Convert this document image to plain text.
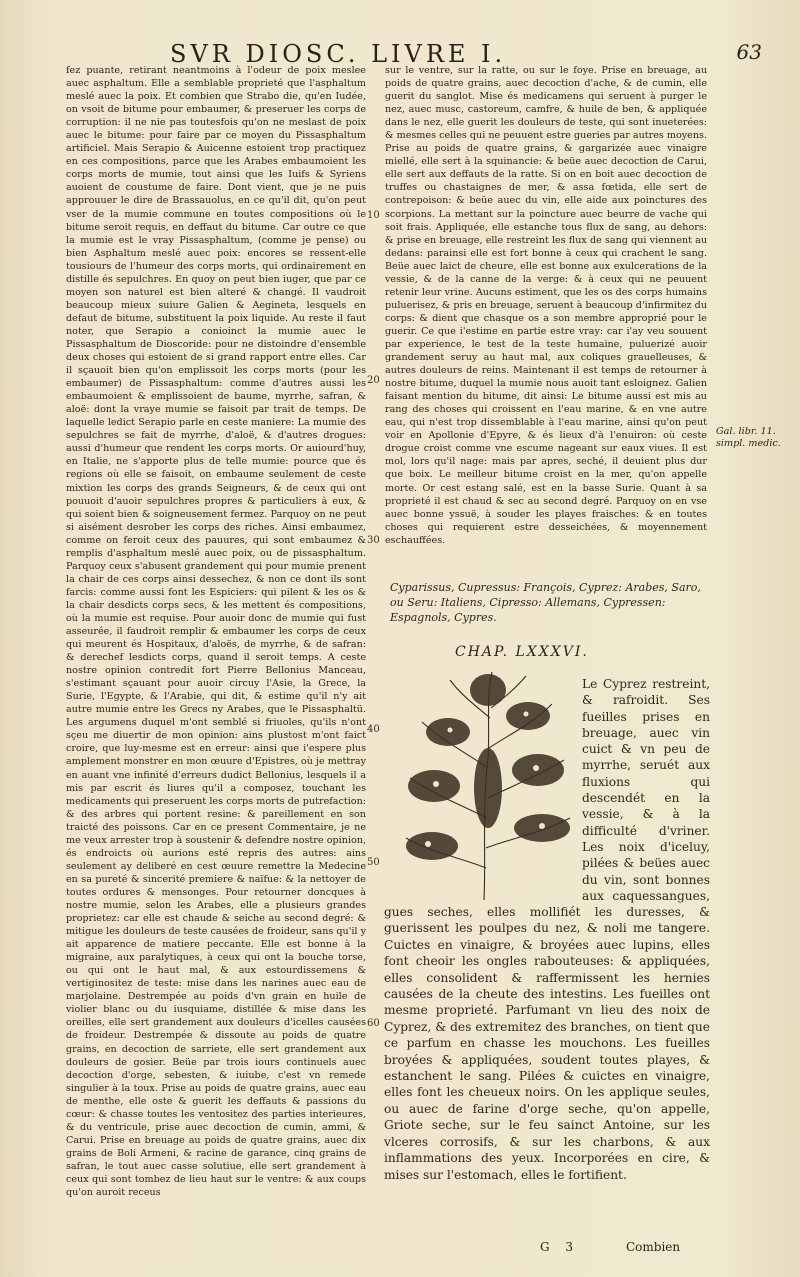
SVR DIOSC. LIVRE I.	63

fez puante, retirant neantmoins à l'odeur de poix meslee auec asphaltum. Elle a semblable proprieté que l'asphaltum meslé auec la poix. Et combien que Strabo die, qu'en Iudée, on vsoit de bitume pour embaumer, & preseruer les corps de corruption: il ne nie pas toutesfois qu'on ne meslast de poix auec le bitume: pour faire par ce moyen du Pissasphaltum artificiel. Mais Serapio & Auicenne estoient trop practiquez en ces compositions, parce que les Arabes embaumoient les corps morts de mumie, tout ainsi que les Iuifs & Syriens auoient de coustume de faire. Dont vient, que je ne puis approuuer le dire de Brassauolus, en ce qu'il dit, qu'on peut vser de la mumie commune en toutes compositions où le bitume seroit requis, en deffaut du bitume. Car outre ce que la mumie est le vray Pissasphaltum, (comme je pense) ou bien Asphaltum meslé auec poix: encores se ressent-elle tousiours de l'humeur des corps morts, qui ordinairement en distille és sepulchres. En quoy on peut bien iuger, que par ce moyen son naturel est bien alteré & changé. Il vaudroit beaucoup mieux suiure Galien & Aegineta, lesquels en defaut de bitume, substituent la poix liquide. Au reste il faut noter, que Serapio a conioinct la mumie auec le Pissasphaltum de Dioscoride: pour ne distoindre d'ensemble deux choses qui estoient de si grand rapport entre elles. Car il sçauoit bien qu'on emplissoit les corps morts (pour les embaumer) de Pissasphaltum: comme d'autres aussi les embaumoient & emplissoient de baume, myrrhe, safran, & aloë: dont la vraye mumie se faisoit par trait de temps. De laquelle ledict Serapio parle en ceste maniere: La mumie des sepulchres se fait de myrrhe, d'aloë, & d'autres drogues: aussi d'humeur que rendent les corps morts. Or auiourd'huy, en Italie, ne s'apporte plus de telle mumie: pource que és regions où elle se faisoit, on embaume seulement de ceste mixtion les corps des grands Seigneurs, & de ceux qui ont pouuoit d'auoir sepulchres propres & particuliers à eux, & qui soient bien & soigneusement fermez. Parquoy on ne peut si aisément desrober les corps des riches. Ainsi embaumez, comme on feroit ceux des pauures, qui sont embaumez & remplis d'asphaltum meslé auec poix, ou de pissasphaltum. Parquoy ceux s'abusent grandement qui pour mumie prenent la chair de ces corps ainsi dessechez, & non ce dont ils sont farcis: comme aussi font les Espiciers: qui pilent & les os & la chair desdicts corps secs, & les mettent és compositions, où la mumie est requise. Pour auoir donc de mumie qui fust asseurée, il faudroit remplir & embaumer les corps de ceux qui meurent és Hospitaux, d'aloës, de myrrhe, & de safran: & derechef lesdicts corps, quand il seroit temps. A ceste nostre opinion contredit fort Pierre Bellonius Manceau, s'estimant sçauant pour auoir circuy l'Asie, la Grece, la Surie, l'Egypte, & l'Arabie, qui dit, & estime qu'il n'y ait autre mumie entre les Grecs ny Arabes, que le Pissasphaltü. Les argumens duquel m'ont semblé si friuoles, qu'ils n'ont sçeu me diuertir de mon opinion: ains plustost m'ont faict croire, que luy-mesme est en erreur: ainsi que i'espere plus amplement monstrer en mon œuure d'Epistres, où je mettray en auant vne infinité d'erreurs dudict Bellonius, lesquels il a mis par escrit és liures qu'il a composez, touchant les medicaments qui preseruent les corps morts de putrefaction: & des arbres qui portent resine: & pareillement en son traicté des poissons. Car en ce present Commentaire, je ne me veux arrester trop à soustenir & defendre nostre opinion, és endroicts où aurions esté repris des autres: ains seulement ay deliberé en cest œuure remettre la Medecine en sa pureté & sincerité premiere & naïfue: & la nettoyer de toutes ordures & mensonges. Pour retourner doncques à nostre mumie, selon les Arabes, elle a plusieurs grandes proprietez: car elle est chaude & seiche au second degré: & mitigue les douleurs de teste causées de froideur, sans qu'il y ait apparence de matiere peccante. Elle est bonne à la migraine, aux paralytiques, à ceux qui ont la bouche torse, ou qui ont le haut mal, & aux estourdissemens & vertiginositez de teste: mise dans les narines auec eau de marjolaine. Destrempée au poids d'vn grain en huile de violier blanc ou du iusquiame, distillée & mise dans les oreilles, elle sert grandement aux douleurs d'icelles causées de froideur. Destrempée & dissoute au poids de quatre grains, en decoction de sarriete, elle sert grandement aux douleurs de gosier. Beüe par trois iours continuels auec decoction d'orge, sebesten, & iuiube, c'est vn remede singulier à la toux. Prise au poids de quatre grains, auec eau de menthe, elle oste & guerit les deffauts & passions du cœur: & chasse toutes les ventositez des parties interieures, & du ventricule, prise auec decoction de cumin, ammi, & Carui. Prise en breuage au poids de quatre grains, auec dix grains de Boli Armeni, & racine de garance, cinq grains de safran, le tout auec casse solutiue, elle sert grandement à ceux qui sont tombez de lieu haut sur le ventre: & aux coups qu'on auroit receus

10
20
30
40
50
60

sur le ventre, sur la ratte, ou sur le foye. Prise en breuage, au poids de quatre grains, auec decoction d'ache, & de cumin, elle guerit du sanglot. Mise és medicamens qui seruent à purger le nez, auec musc, castoreum, camfre, & huile de ben, & appliquée dans le nez, elle guerit les douleurs de teste, qui sont inueterées: & mesmes celles qui ne peuuent estre gueries par autres moyens. Prise au poids de quatre grains, & gargarizée auec vinaigre miellé, elle sert à la squinancie: & beüe auec decoction de Carui, elle sert aux deffauts de la ratte. Si on en boit auec decoction de truffes ou chastaignes de mer, & assa fœtida, elle sert de contrepoison: & beüe auec du vin, elle aide aux poinctures des scorpions. La mettant sur la poincture auec beurre de vache qui soit frais. Appliquée, elle estanche tous flux de sang, au dehors: & prise en breuage, elle restreint les flux de sang qui viennent au dedans: parainsi elle est fort bonne à ceux qui crachent le sang. Beüe auec laict de cheure, elle est bonne aux exulcerations de la vessie, & de la canne de la verge: & à ceux qui ne peuuent retenir leur vrine. Aucuns estiment, que les os des corps humains puluerisez, & pris en breuage, seruent à beaucoup d'infirmitez du corps: & dient que chasque os a son membre approprié pour le guerir. Ce que i'estime en partie estre vray: car i'ay veu souuent par experience, le test de la teste humaine, puluerizé auoir grandement seruy au haut mal, aux coliques grauelleuses, & autres douleurs de reins. Maintenant il est temps de retourner à nostre bitume, duquel la mumie nous auoit tant esloignez. Galien faisant mention du bitume, dit ainsi: Le bitume aussi est mis au rang des choses qui croissent en l'eau marine, & en vne autre eau, qui n'est trop dissemblable à l'eau marine, ainsi qu'on peut voir en Apollonie d'Epyre, & és lieux d'à l'enuiron: où ceste drogue croist comme vne escume nageant sur eaux viues. Il est mol, lors qu'il nage: mais par apres, seché, il deuient plus dur que boix. Le meilleur bitume croist en la mer, qu'on appelle morte. Or cest estang salé, est en la basse Surie. Quant à sa proprieté il est chaud & sec au second degré. Parquoy on en vse auec bonne yssuë, à souder les playes fraisches: & en toutes choses qui requierent estre desseichées, & moyennement eschauffées.

Gal. libr. 11. simpl. medic.
Cyparissus, Cupressus: François, Cyprez: Arabes, Saro, ou Seru: Italiens, Cipresso: Allemans, Cypressen: Espagnols, Cypres.
CHAP. LXXXVI.

Le Cyprez restreint, & rafroidit. Ses fueilles prises en breuage, auec vin cuict & vn peu de myrrhe, seruét aux fluxions qui descendét en la vessie, & à la difficulté d'vriner. Les noix d'iceluy, pilées & beües auec du vin, sont bonnes aux caquessangues,

gues seches, elles mollifiét les duresses, & guerissent les poulpes du nez, & noli me tangere. Cuictes en vinaigre, & broyées auec lupins, elles font cheoir les ongles rabouteuses: & appliquées, elles consolident & raffermissent les hernies causées de la cheute des intestins. Les fueilles ont mesme proprieté. Parfumant vn lieu des noix de Cyprez, & des extremitez des branches, on tient que ce parfum en chasse les mouchons. Les fueilles broyées & appliquées, soudent toutes playes, & estanchent le sang. Pilées & cuictes en vinaigre, elles font les cheueux noirs. On les applique seules, ou auec de farine d'orge seche, qu'on appelle, Griote seche, sur le feu sainct Antoine, sur les vlceres corrosifs, & sur les charbons, & aux inflammations des yeux. Incorporées en cire, & mises sur l'estomach, elles le fortifient.

G 3	Combien
